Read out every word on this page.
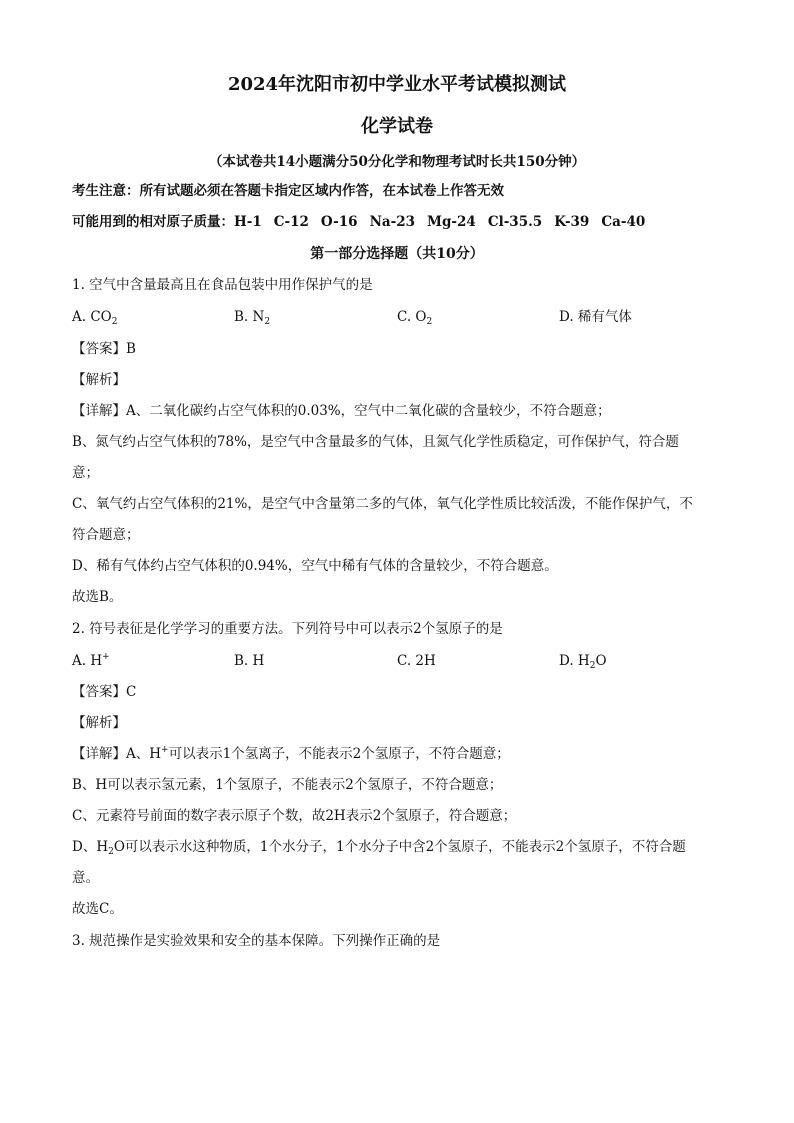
2024年沈阳市初中学业水平考试模拟测试
化学试卷
（本试卷共14小题满分50分化学和物理考试时长共150分钟）
考生注意：所有试题必须在答题卡指定区域内作答，在本试卷上作答无效
可能用到的相对原子质量：H-1 C-12 O-16 Na-23 Mg-24 Cl-35.5 K-39 Ca-40
第一部分选择题（共10分）
1. 空气中含量最高且在食品包装中用作保护气的是
A. $CO_2$	B. $N_2$	C. $O_2$	D. 稀有气体
【答案】B
【解析】
【详解】A、二氧化碳约占空气体积的0.03%，空气中二氧化碳的含量较少，不符合题意；
B、氮气约占空气体积的78%，是空气中含量最多的气体，且氮气化学性质稳定，可作保护气，符合题
意；
C、氧气约占空气体积的21%，是空气中含量第二多的气体，氧气化学性质比较活泼，不能作保护气，不
符合题意；
D、稀有气体约占空气体积的0.94%，空气中稀有气体的含量较少，不符合题意。
故选B。
2. 符号表征是化学学习的重要方法。下列符号中可以表示2个氢原子的是
A. H+	B. H	C. 2H	D. $H_2O$
【答案】C
【解析】
【详解】A、H+可以表示1个氢离子，不能表示2个氢原子，不符合题意；
B、H可以表示氢元素，1个氢原子，不能表示2个氢原子，不符合题意；
C、元素符号前面的数字表示原子个数，故2H表示2个氢原子，符合题意；
D、$H_2O$可以表示水这种物质，1个水分子，1个水分子中含2个氢原子，不能表示2个氢原子，不符合题
意。
故选C。
3. 规范操作是实验效果和安全的基本保障。下列操作正确的是
